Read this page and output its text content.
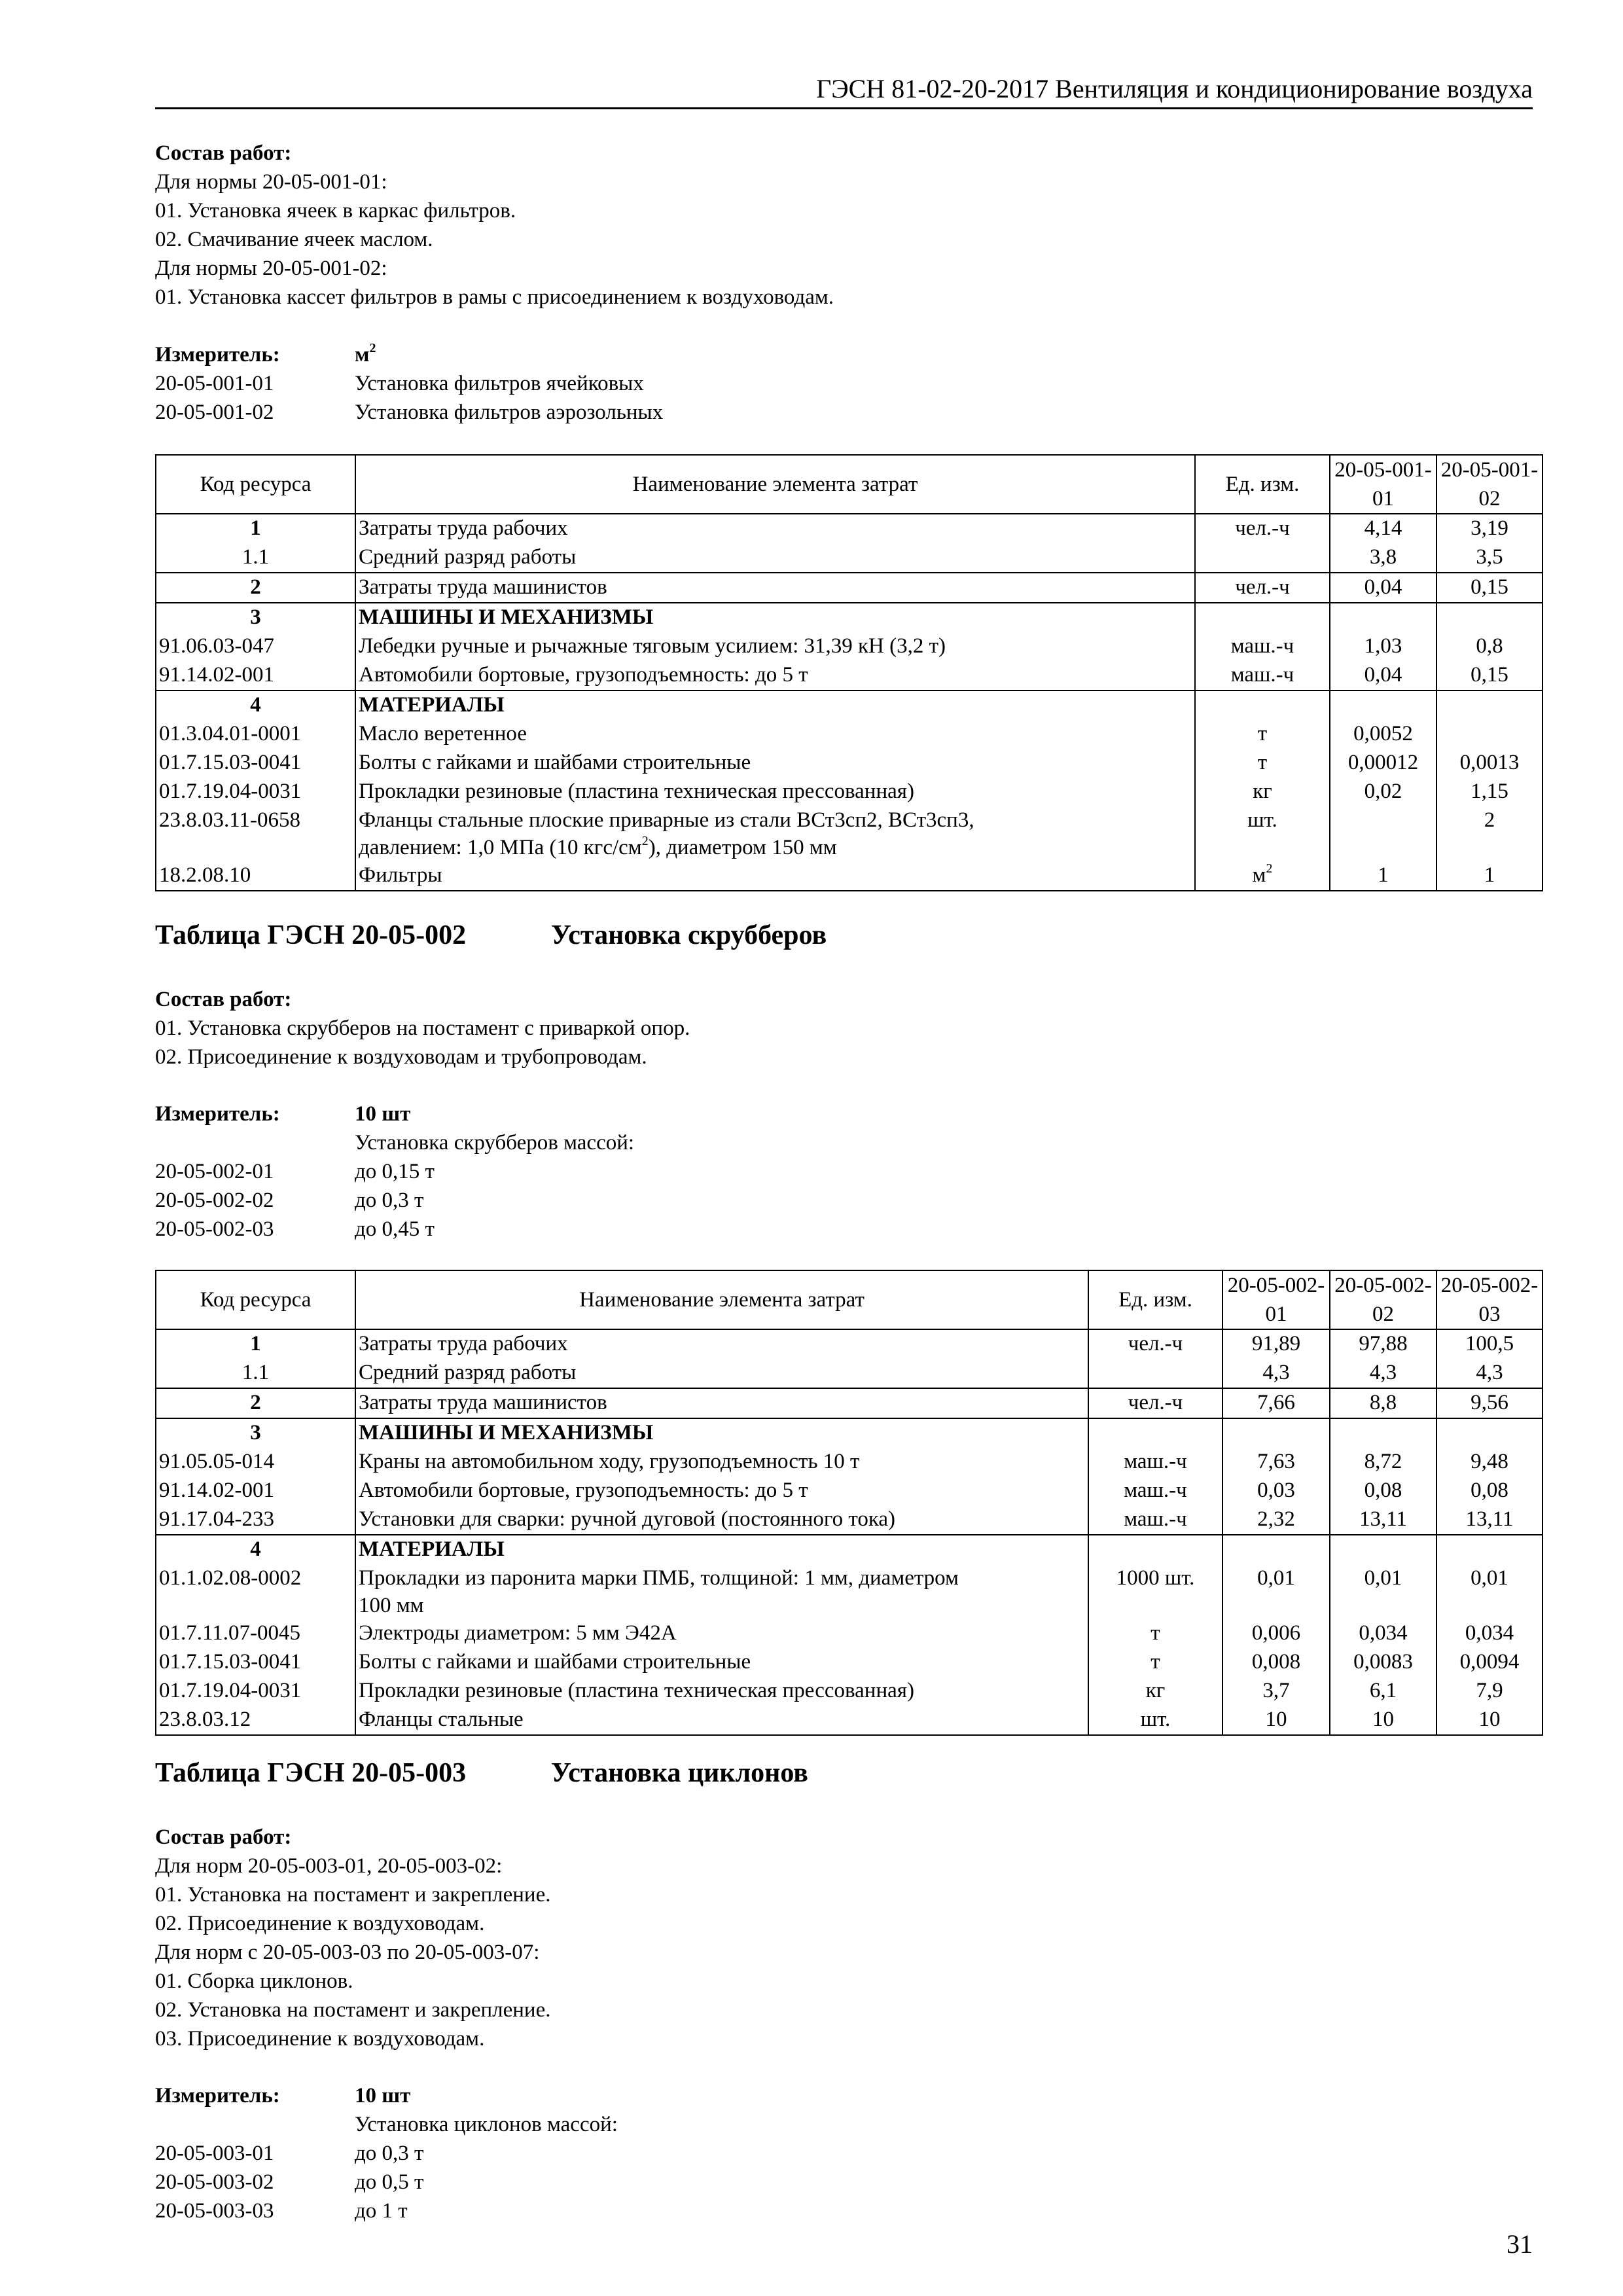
ГЭСН 81-02-20-2017 Вентиляция и кондиционирование воздуха
Состав работ:
Для нормы 20-05-001-01:
01. Установка ячеек в каркас фильтров.
02. Смачивание ячеек маслом.
Для нормы 20-05-001-02:
01. Установка кассет фильтров в рамы с присоединением к воздуховодам.
Измеритель:	$м^2$
20-05-001-01	Установка фильтров ячейковых
20-05-001-02	Установка фильтров аэрозольных
Код ресурса	Наименование элемента затрат	Ед. изм.	20-05-001-01	20-05-001-02
1	Затраты труда рабочих	чел.-ч	4,14	3,19
1.1	Средний разряд работы		3,8	3,5
2	Затраты труда машинистов	чел.-ч	0,04	0,15
3	МАШИНЫ И МЕХАНИЗМЫ			
91.06.03-047	Лебедки ручные и рычажные тяговым усилием: 31,39 кН (3,2 т)	маш.-ч	1,03	0,8
91.14.02-001	Автомобили бортовые, грузоподъемность: до 5 т	маш.-ч	0,04	0,15
4	МАТЕРИАЛЫ			
01.3.04.01-0001	Масло веретенное	т	0,0052	
01.7.15.03-0041	Болты с гайками и шайбами строительные	т	0,00012	0,0013
01.7.19.04-0031	Прокладки резиновые (пластина техническая прессованная)	кг	0,02	1,15
23.8.03.11-0658	Фланцы стальные плоские приварные из стали ВСт3сп2, ВСт3сп3,
давлением: 1,0 МПа (10 кгс/$см^2$), диаметром 150 мм	шт.		2
18.2.08.10	Фильтры	$м^2$	1	1
Таблица ГЭСН 20-05-002	Установка скрубберов
Состав работ:
01. Установка скрубберов на постамент с приваркой опор.
02. Присоединение к воздуховодам и трубопроводам.
Измеритель:	10 шт
Установка скрубберов массой:
20-05-002-01	до 0,15 т
20-05-002-02	до 0,3 т
20-05-002-03	до 0,45 т
Код ресурса	Наименование элемента затрат	Ед. изм.	20-05-002-01	20-05-002-02	20-05-002-03
1	Затраты труда рабочих	чел.-ч	91,89	97,88	100,5
1.1	Средний разряд работы		4,3	4,3	4,3
2	Затраты труда машинистов	чел.-ч	7,66	8,8	9,56
3	МАШИНЫ И МЕХАНИЗМЫ				
91.05.05-014	Краны на автомобильном ходу, грузоподъемность 10 т	маш.-ч	7,63	8,72	9,48
91.14.02-001	Автомобили бортовые, грузоподъемность: до 5 т	маш.-ч	0,03	0,08	0,08
91.17.04-233	Установки для сварки: ручной дуговой (постоянного тока)	маш.-ч	2,32	13,11	13,11
4	МАТЕРИАЛЫ				
01.1.02.08-0002	Прокладки из паронита марки ПМБ, толщиной: 1 мм, диаметром
100 мм	1000 шт.	0,01	0,01	0,01
01.7.11.07-0045	Электроды диаметром: 5 мм Э42А	т	0,006	0,034	0,034
01.7.15.03-0041	Болты с гайками и шайбами строительные	т	0,008	0,0083	0,0094
01.7.19.04-0031	Прокладки резиновые (пластина техническая прессованная)	кг	3,7	6,1	7,9
23.8.03.12	Фланцы стальные	шт.	10	10	10
Таблица ГЭСН 20-05-003	Установка циклонов
Состав работ:
Для норм 20-05-003-01, 20-05-003-02:
01. Установка на постамент и закрепление.
02. Присоединение к воздуховодам.
Для норм с 20-05-003-03 по 20-05-003-07:
01. Сборка циклонов.
02. Установка на постамент и закрепление.
03. Присоединение к воздуховодам.
Измеритель:	10 шт
Установка циклонов массой:
20-05-003-01	до 0,3 т
20-05-003-02	до 0,5 т
20-05-003-03	до 1 т
31
